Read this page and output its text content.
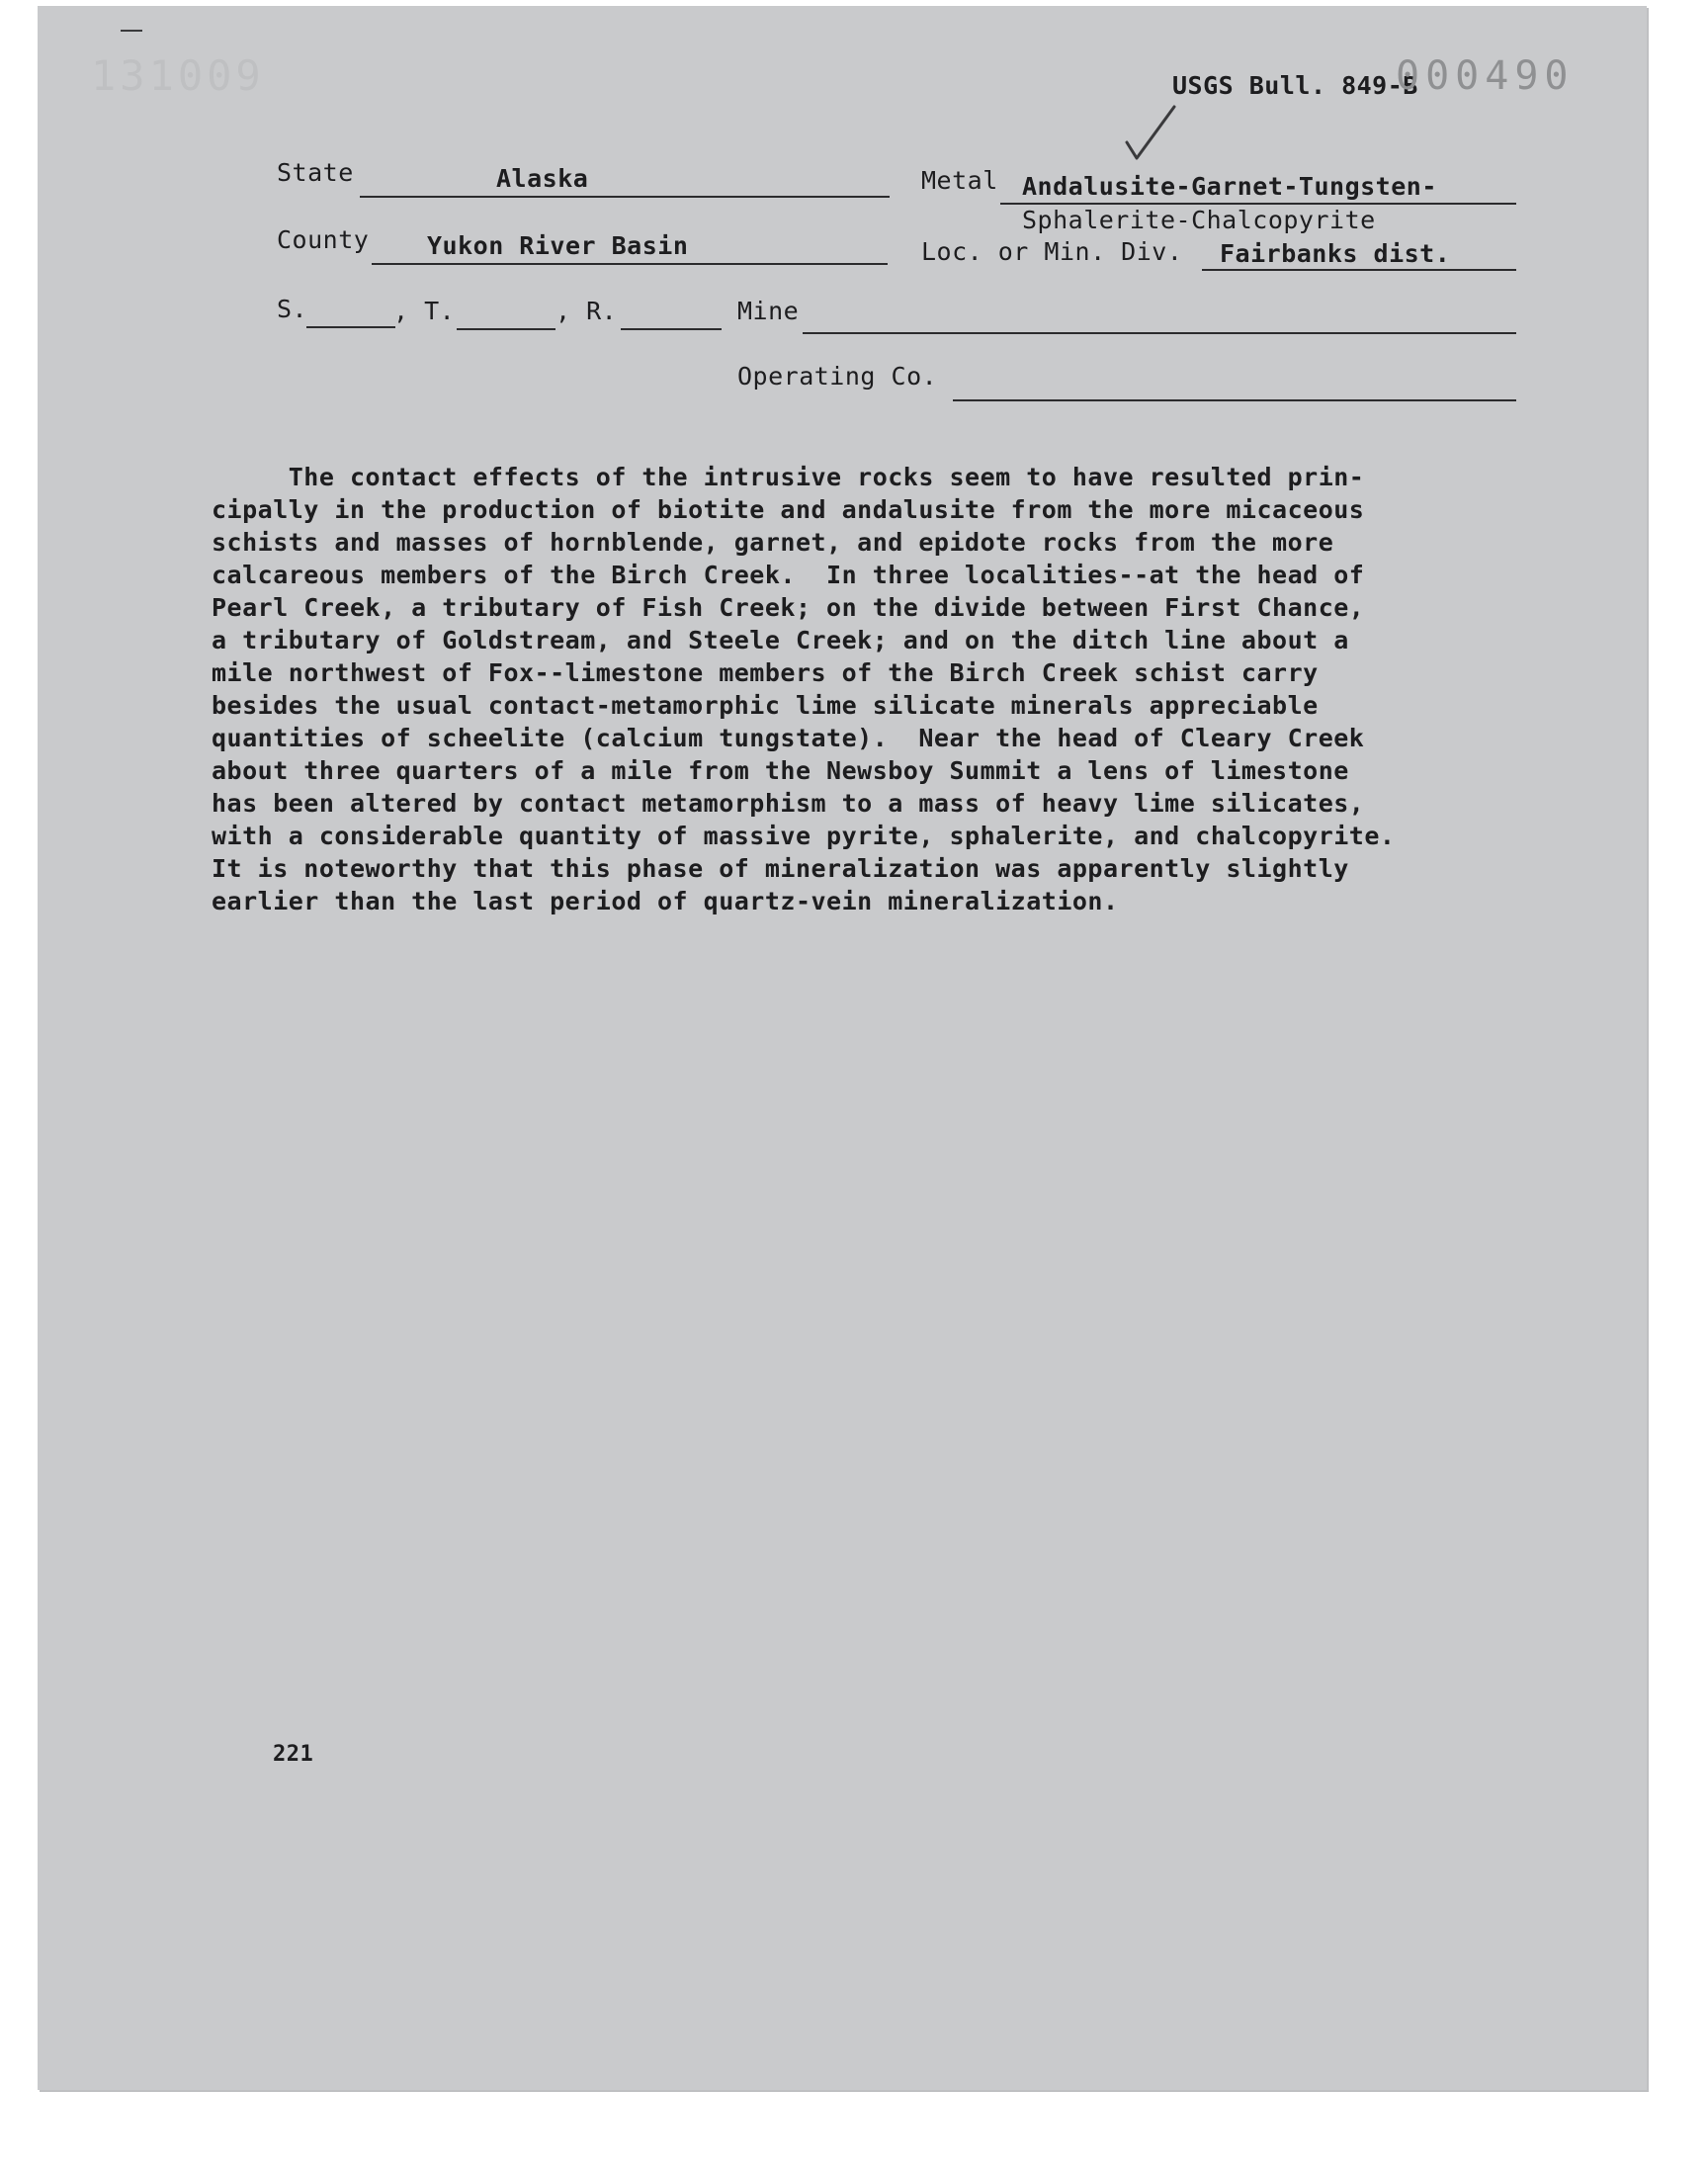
131009	USGS Bull. 849-B
000490
State	Alaska	Metal Andalusite-Garnet-Tungsten-
Sphalerite-Chalcopyrite
County Yukon River Basin	Loc. or Min. Div. Fairbanks dist.
S.	, T.	, R.	Mine
Operating Co.
The contact effects of the intrusive rocks seem to have resulted prin-
cipally in the production of biotite and andalusite from the more micaceous
schists and masses of hornblende, garnet, and epidote rocks from the more
calcareous members of the Birch Creek.  In three localities--at the head of
Pearl Creek, a tributary of Fish Creek; on the divide between First Chance,
a tributary of Goldstream, and Steele Creek; and on the ditch line about a
mile northwest of Fox--limestone members of the Birch Creek schist carry
besides the usual contact-metamorphic lime silicate minerals appreciable
quantities of scheelite (calcium tungstate).  Near the head of Cleary Creek
about three quarters of a mile from the Newsboy Summit a lens of limestone
has been altered by contact metamorphism to a mass of heavy lime silicates,
with a considerable quantity of massive pyrite, sphalerite, and chalcopyrite.
It is noteworthy that this phase of mineralization was apparently slightly
earlier than the last period of quartz-vein mineralization.
221
